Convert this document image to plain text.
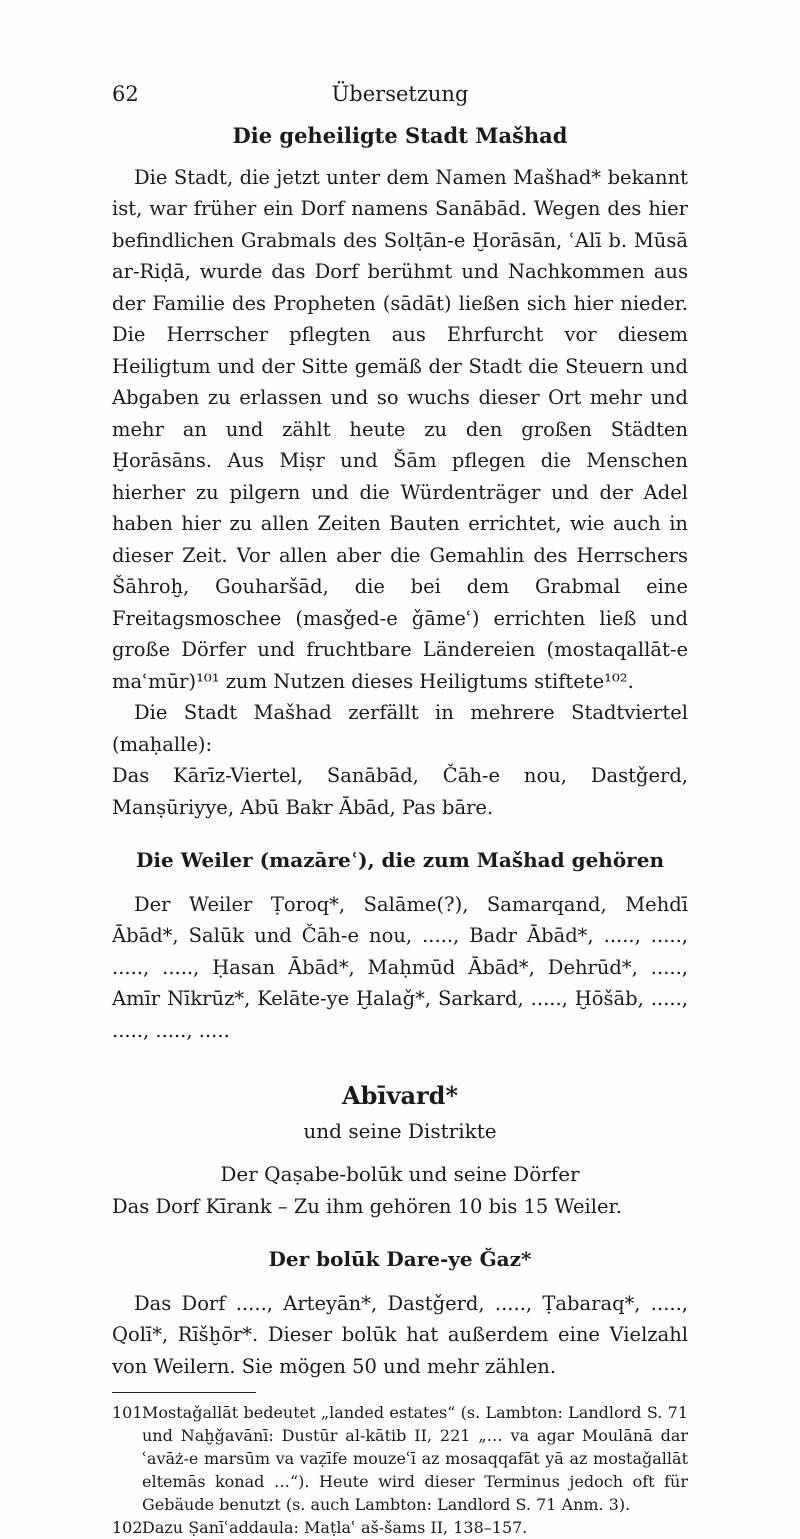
62	Übersetzung
Die geheiligte Stadt Mašhad

Die Stadt, die jetzt unter dem Namen Mašhad* bekannt ist, war früher ein Dorf namens Sanābād. Wegen des hier befindlichen Grabmals des Solṭān-e Ḫorāsān, ʿAlī b. Mūsā ar-Riḍā, wurde das Dorf berühmt und Nachkommen aus der Familie des Propheten (sādāt) ließen sich hier nieder. Die Herrscher pflegten aus Ehrfurcht vor diesem Heiligtum und der Sitte gemäß der Stadt die Steuern und Abgaben zu erlassen und so wuchs dieser Ort mehr und mehr an und zählt heute zu den großen Städten Ḫorāsāns. Aus Miṣr und Šām pflegen die Menschen hierher zu pilgern und die Würdenträger und der Adel haben hier zu allen Zeiten Bauten errichtet, wie auch in dieser Zeit. Vor allen aber die Gemahlin des Herrschers Šāhroḫ, Gouharšād, die bei dem Grabmal eine Freitagsmoschee (masǧed-e ǧāmeʿ) errichten ließ und große Dörfer und fruchtbare Ländereien (mostaqallāt-e maʿmūr)¹⁰¹ zum Nutzen dieses Heiligtums stiftete¹⁰².

Die Stadt Mašhad zerfällt in mehrere Stadtviertel (maḥalle):

Das Kārīz-Viertel, Sanābād, Čāh-e nou, Dastǧerd, Manṣūriyye, Abū Bakr Ābād, Pas bāre.

Die Weiler (mazāreʿ), die zum Mašhad gehören

Der Weiler Ṭoroq*, Salāme(?), Samarqand, Mehdī Ābād*, Salūk und Čāh-e nou, ....., Badr Ābād*, ....., ....., ....., ....., Ḥasan Ābād*, Maḥmūd Ābād*, Dehrūd*, ....., Amīr Nīkrūz*, Kelāte-ye Ḫalaǧ*, Sarkard, ....., Ḫōšāb, ....., ....., ....., .....

Abīvard*
und seine Distrikte
Der Qaṣabe-bolūk und seine Dörfer

Das Dorf Kīrank – Zu ihm gehören 10 bis 15 Weiler.

Der bolūk Dare-ye Ǧaz*

Das Dorf ....., Arteyān*, Dastǧerd, ....., Ṭabaraq*, ....., Qolī*, Rīšḫōr*. Dieser bolūk hat außerdem eine Vielzahl von Weilern. Sie mögen 50 und mehr zählen.

101Mostaǧallāt bedeutet „landed estates“ (s. Lambton: Landlord S. 71 und Naḫǧavānī: Dustūr al-kātib II, 221 „… va agar Moulānā dar ʿavāż-e marsūm va vaẓīfe mouzeʿī az mosaqqafāt yā az mostaǧallāt eltemās konad …“). Heute wird dieser Terminus jedoch oft für Gebäude benutzt (s. auch Lambton: Landlord S. 71 Anm. 3).

102Dazu Ṣanīʿaddaula: Maṭlaʿ aš-šams II, 138–157.
